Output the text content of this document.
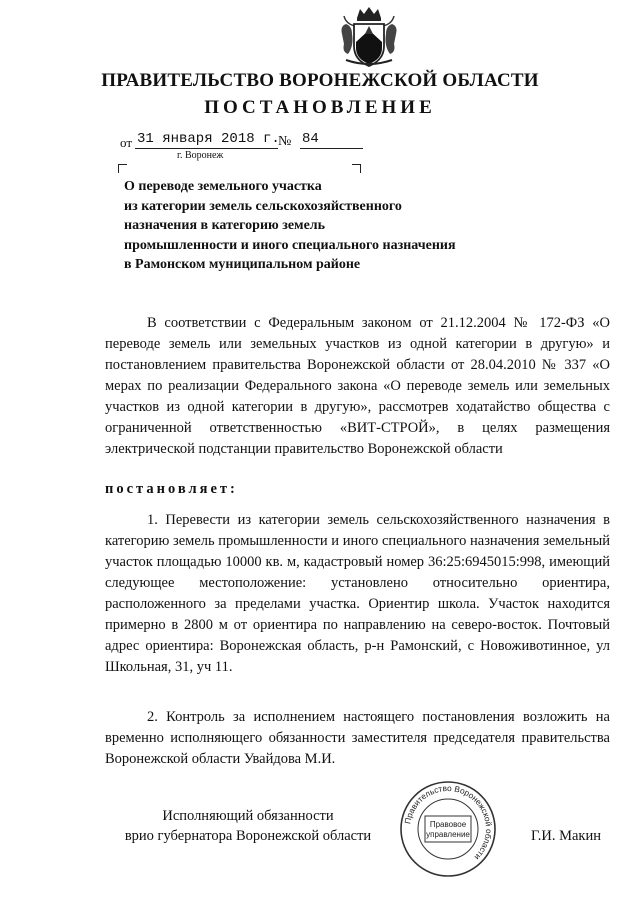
ПРАВИТЕЛЬСТВО ВОРОНЕЖСКОЙ ОБЛАСТИ
ПОСТАНОВЛЕНИЕ
от 31 января 2018 г.
№ 84
г. Воронеж
О переводе земельного участка
из категории земель сельскохозяйственного
назначения в категорию земель
промышленности и иного специального назначения
в Рамонском муниципальном районе
В соответствии с Федеральным законом от 21.12.2004 № 172-ФЗ «О переводе земель или земельных участков из одной категории в другую» и постановлением правительства Воронежской области от 28.04.2010 № 337 «О мерах по реализации Федерального закона «О переводе земель или земельных участков из одной категории в другую», рассмотрев ходатайство общества с ограниченной ответственностью «ВИТ-СТРОЙ», в целях размещения электрической подстанции правительство Воронежской области
постановляет:
1. Перевести из категории земель сельскохозяйственного назначения в категорию земель промышленности и иного специального назначения земельный участок площадью 10000 кв. м, кадастровый номер 36:25:6945015:998, имеющий следующее местоположение: установлено относительно ориентира, расположенного за пределами участка. Ориентир школа. Участок находится примерно в 2800 м от ориентира по направлению на северо-восток. Почтовый адрес ориентира: Воронежская область, р-н Рамонский, с Новоживотинное, ул Школьная, 31, уч 11.
2. Контроль за исполнением настоящего постановления возложить на временно исполняющего обязанности заместителя председателя правительства Воронежской области Увайдова М.И.
Исполняющий обязанности
врио губернатора Воронежской области	Г.И. Макин
Правительство Воронежской области
Правовое
управление
